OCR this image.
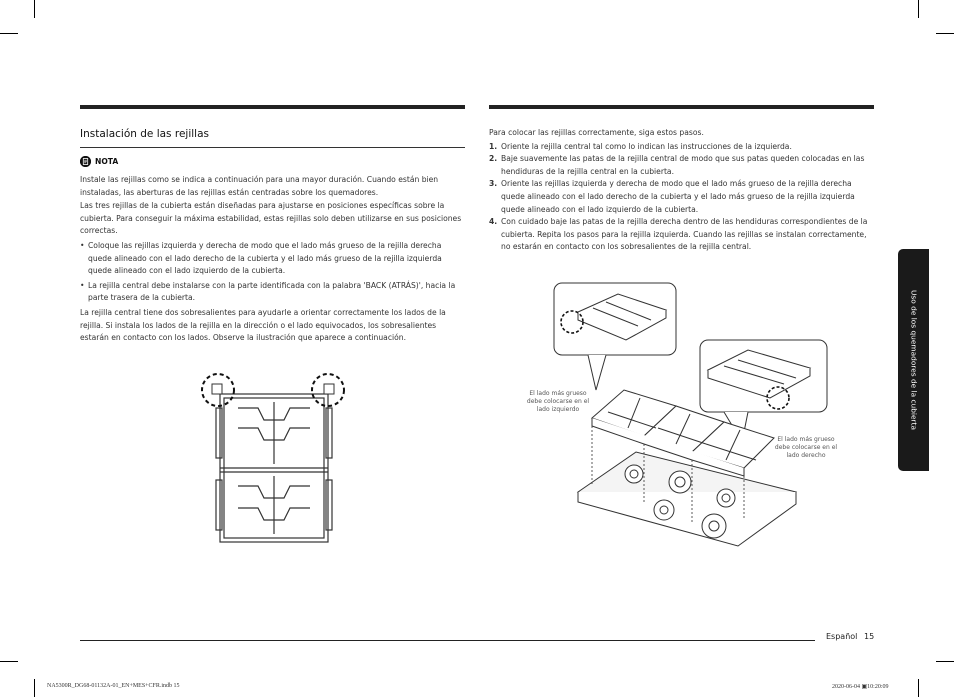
Instalación de las rejillas
NOTA

Instale las rejillas como se indica a continuación para una mayor duración. Cuando están bien instaladas, las aberturas de las rejillas están centradas sobre los quemadores.

Las tres rejillas de la cubierta están diseñadas para ajustarse en posiciones específicas sobre la cubierta. Para conseguir la máxima estabilidad, estas rejillas solo deben utilizarse en sus posiciones correctas.

• Coloque las rejillas izquierda y derecha de modo que el lado más grueso de la rejilla derecha quede alineado con el lado derecho de la cubierta y el lado más grueso de la rejilla izquierda quede alineado con el lado izquierdo de la cubierta.
• La rejilla central debe instalarse con la parte identificada con la palabra 'BACK (ATRÁS)', hacia la parte trasera de la cubierta.

La rejilla central tiene dos sobresalientes para ayudarle a orientar correctamente los lados de la rejilla. Si instala los lados de la rejilla en la dirección o el lado equivocados, los sobresalientes estarán en contacto con los lados. Observe la ilustración que aparece a continuación.

Para colocar las rejillas correctamente, siga estos pasos.

1. Oriente la rejilla central tal como lo indican las instrucciones de la izquierda.
2. Baje suavemente las patas de la rejilla central de modo que sus patas queden colocadas en las hendiduras de la rejilla central en la cubierta.
3. Oriente las rejillas izquierda y derecha de modo que el lado más grueso de la rejilla derecha quede alineado con el lado derecho de la cubierta y el lado más grueso de la rejilla izquierda quede alineado con el lado izquierdo de la cubierta.
4. Con cuidado baje las patas de la rejilla derecha dentro de las hendiduras correspondientes de la cubierta. Repita los pasos para la rejilla izquierda. Cuando las rejillas se instalan correctamente, no estarán en contacto con los sobresalientes de la rejilla central.
El lado más grueso debe colocarse en el lado izquierdo
El lado más grueso debe colocarse en el lado derecho
Uso de los quemadores de la cubierta
Español 15
NA5300R_DG68-01132A-01_EN+MES+CFR.indb 15	2020-06-04 ▣10:20:09
